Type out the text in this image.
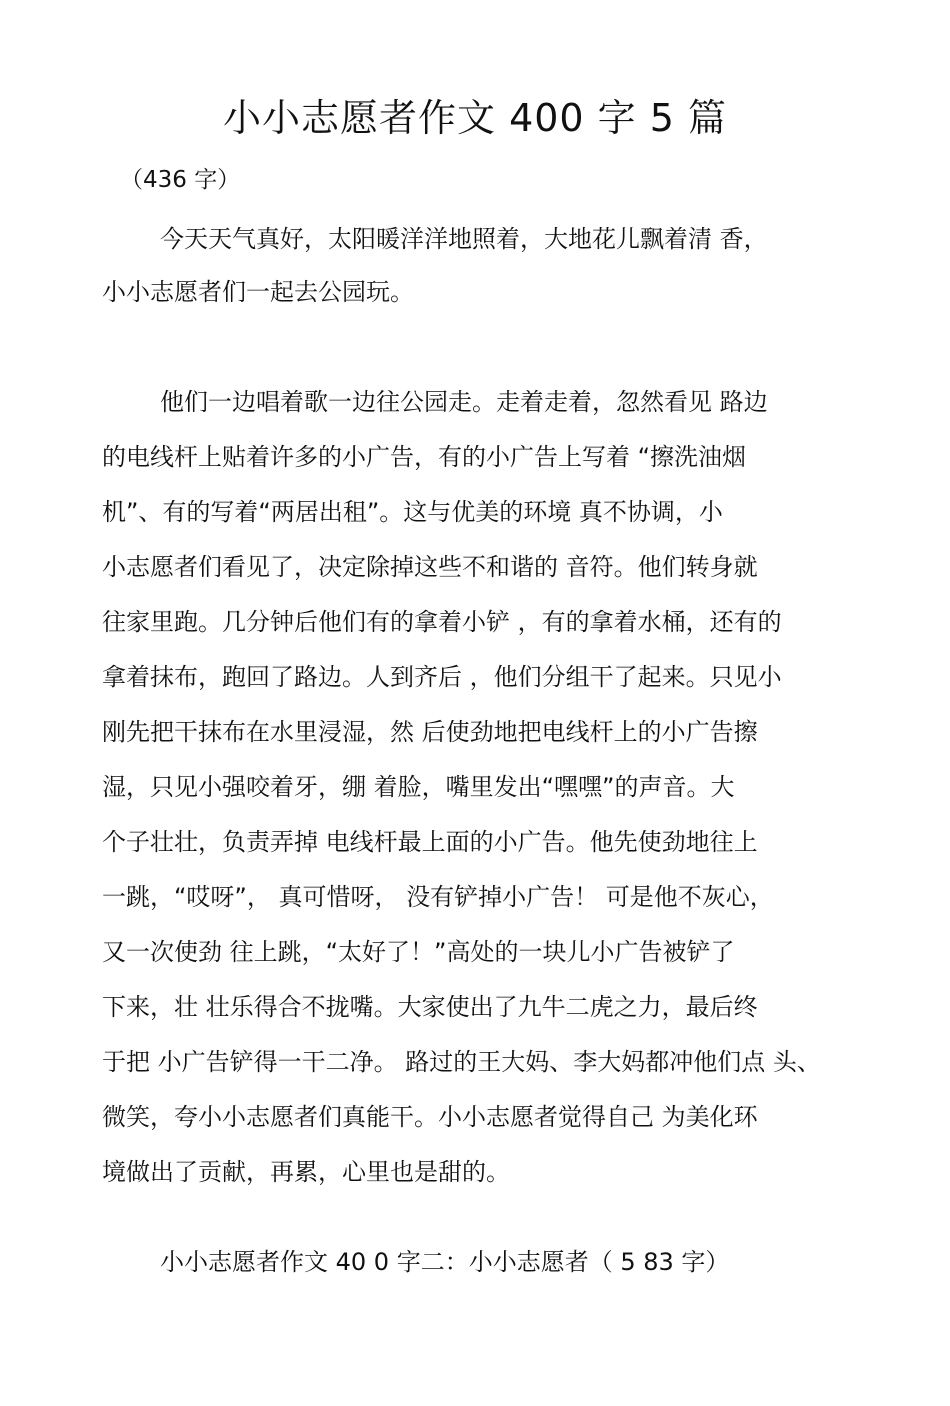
小小志愿者作文 400 字 5 篇
（436 字）
今天天气真好，太阳暖洋洋地照着，大地花儿飘着清 香，
小小志愿者们一起去公园玩。
他们一边唱着歌一边往公园走。走着走着，忽然看见 路边
的电线杆上贴着许多的小广告，有的小广告上写着 “擦洗油烟
机”、有的写着“两居出租”。这与优美的环境 真不协调，小
小志愿者们看见了，决定除掉这些不和谐的 音符。他们转身就
往家里跑。几分钟后他们有的拿着小铲 ，有的拿着水桶，还有的
拿着抹布，跑回了路边。人到齐后 ，他们分组干了起来。只见小
刚先把干抹布在水里浸湿，然 后使劲地把电线杆上的小广告擦
湿，只见小强咬着牙，绷 着脸，嘴里发出“嘿嘿”的声音。大
个子壮壮，负责弄掉 电线杆最上面的小广告。他先使劲地往上
一跳，“哎呀”， 真可惜呀， 没有铲掉小广告！ 可是他不灰心，
又一次使劲 往上跳，“太好了！”高处的一块儿小广告被铲了
下来，壮 壮乐得合不拢嘴。大家使出了九牛二虎之力，最后终
于把 小广告铲得一干二净。 路过的王大妈、李大妈都冲他们点 头、
微笑，夸小小志愿者们真能干。小小志愿者觉得自己 为美化环
境做出了贡献，再累，心里也是甜的。
小小志愿者作文 40 0 字二：小小志愿者（ 5 83 字）
